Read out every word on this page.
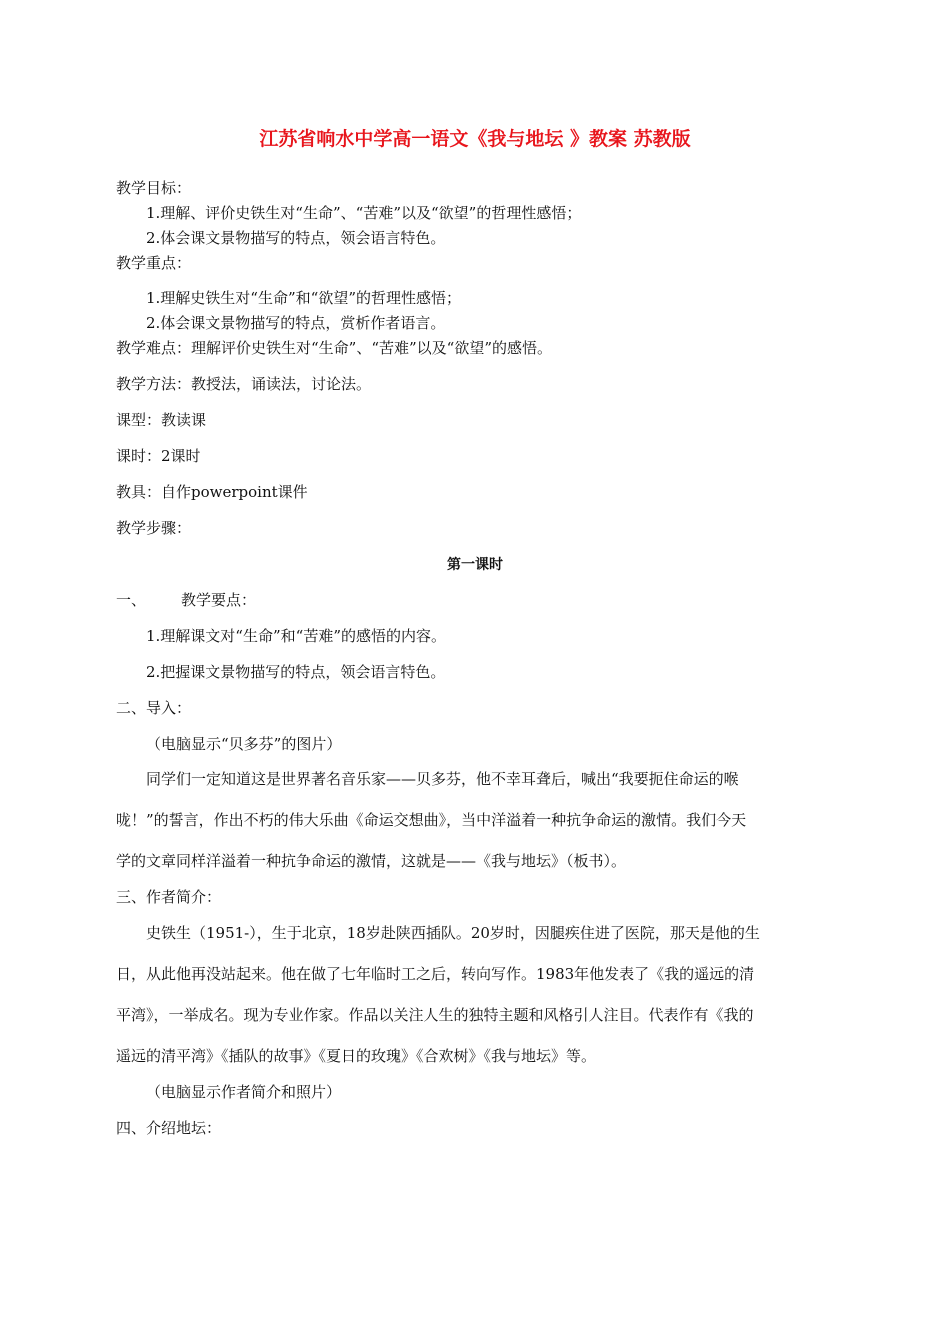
江苏省响水中学高一语文《我与地坛 》教案 苏教版
教学目标：
1.理解、评价史铁生对“生命”、“苦难”以及“欲望”的哲理性感悟；
2.体会课文景物描写的特点，领会语言特色。
教学重点：
1.理解史铁生对“生命”和“欲望”的哲理性感悟；
2.体会课文景物描写的特点，赏析作者语言。
教学难点：理解评价史铁生对“生命”、“苦难”以及“欲望”的感悟。
教学方法：教授法，诵读法，讨论法。
课型：教读课
课时：2课时
教具：自作powerpoint课件
教学步骤：
第一课时
一、 教学要点：
1.理解课文对“生命”和“苦难”的感悟的内容。
2.把握课文景物描写的特点，领会语言特色。
二、导入：
（电脑显示“贝多芬”的图片）
同学们一定知道这是世界著名音乐家——贝多芬，他不幸耳聋后，喊出“我要扼住命运的喉
咙！”的誓言，作出不朽的伟大乐曲《命运交想曲》，当中洋溢着一种抗争命运的激情。我们今天
学的文章同样洋溢着一种抗争命运的激情，这就是——《我与地坛》（板书）。
三、作者简介：
史铁生（1951-），生于北京，18岁赴陕西插队。20岁时，因腿疾住进了医院，那天是他的生
日，从此他再没站起来。他在做了七年临时工之后，转向写作。1983年他发表了《我的遥远的清
平湾》，一举成名。现为专业作家。作品以关注人生的独特主题和风格引人注目。代表作有《我的
遥远的清平湾》《插队的故事》《夏日的玫瑰》《合欢树》《我与地坛》等。
（电脑显示作者简介和照片）
四、介绍地坛：
